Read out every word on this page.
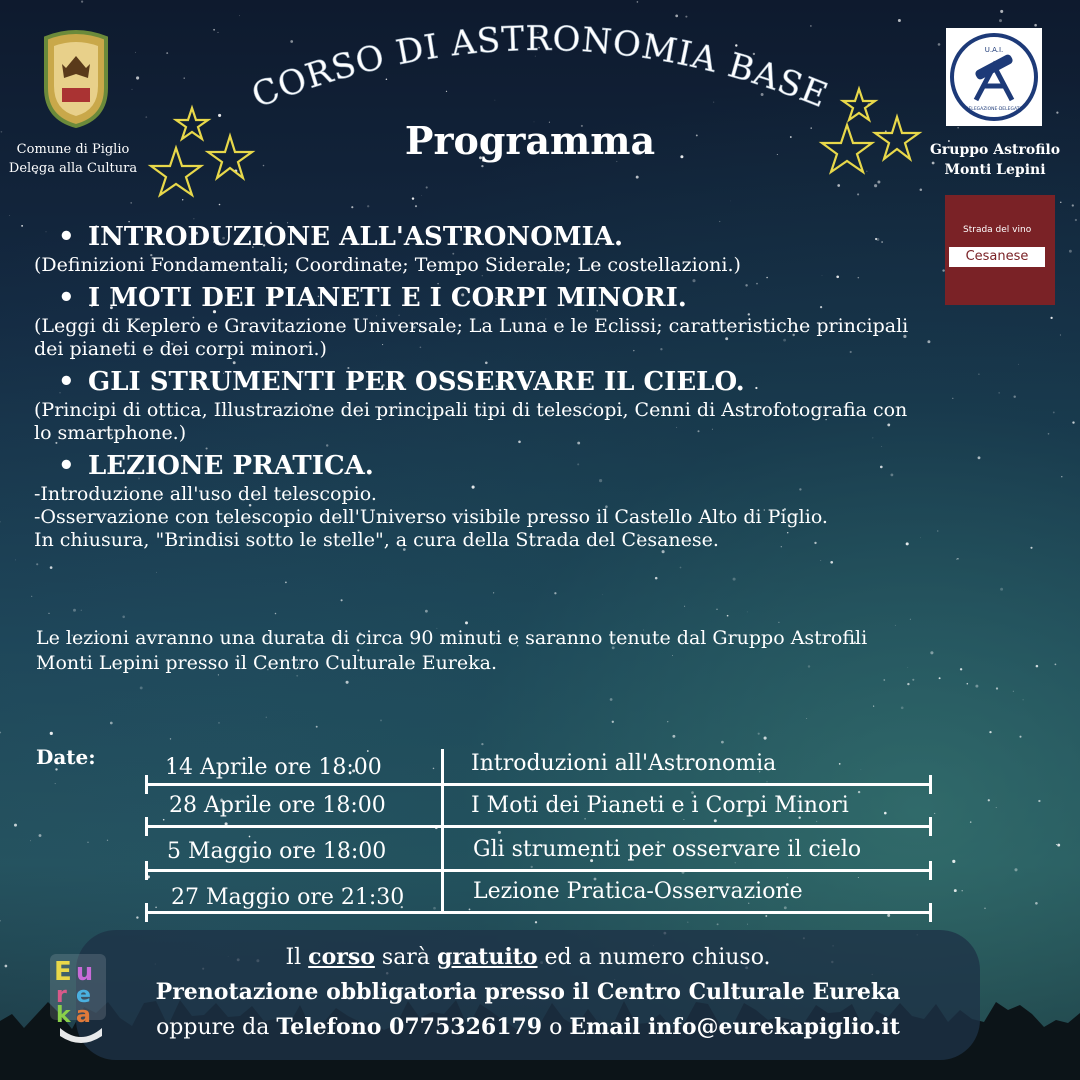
Comune di Piglio
Delega alla Cultura
CORSO DI ASTRONOMIA BASE
Programma
U.A.I.
DELEGAZIONE·DELEGATO
Gruppo Astrofilo
Monti Lepini
Strada del vino
Cesanese
• INTRODUZIONE ALL'ASTRONOMIA.
(Definizioni Fondamentali; Coordinate; Tempo Siderale; Le costellazioni.)
• I MOTI DEI PIANETI E I CORPI MINORI.
(Leggi di Keplero e Gravitazione Universale; La Luna e le Eclissi; caratteristiche principali
dei pianeti e dei corpi minori.)
• GLI STRUMENTI PER OSSERVARE IL CIELO.
(Principi di ottica, Illustrazione dei principali tipi di telescopi, Cenni di Astrofotografia con
lo smartphone.)
• LEZIONE PRATICA.
-Introduzione all'uso del telescopio.
-Osservazione con telescopio dell'Universo visibile presso il Castello Alto di Piglio.
In chiusura, "Brindisi sotto le stelle", a cura della Strada del Cesanese.
Le lezioni avranno una durata di circa 90 minuti e saranno tenute dal Gruppo Astrofili
Monti Lepini presso il Centro Culturale Eureka.
Date:	14 Aprile ore 18:00	Introduzioni all'Astronomia
28 Aprile ore 18:00	I Moti dei Pianeti e i Corpi Minori
5 Maggio ore 18:00	Gli strumenti per osservare il cielo
27 Maggio ore 21:30	Lezione Pratica-Osservazione

Il corso sarà gratuito ed a numero chiuso.

Prenotazione obbligatoria presso il Centro Culturale Eureka

oppure da Telefono 0775326179 o Email info@eurekapiglio.it

E u
r e
k a
